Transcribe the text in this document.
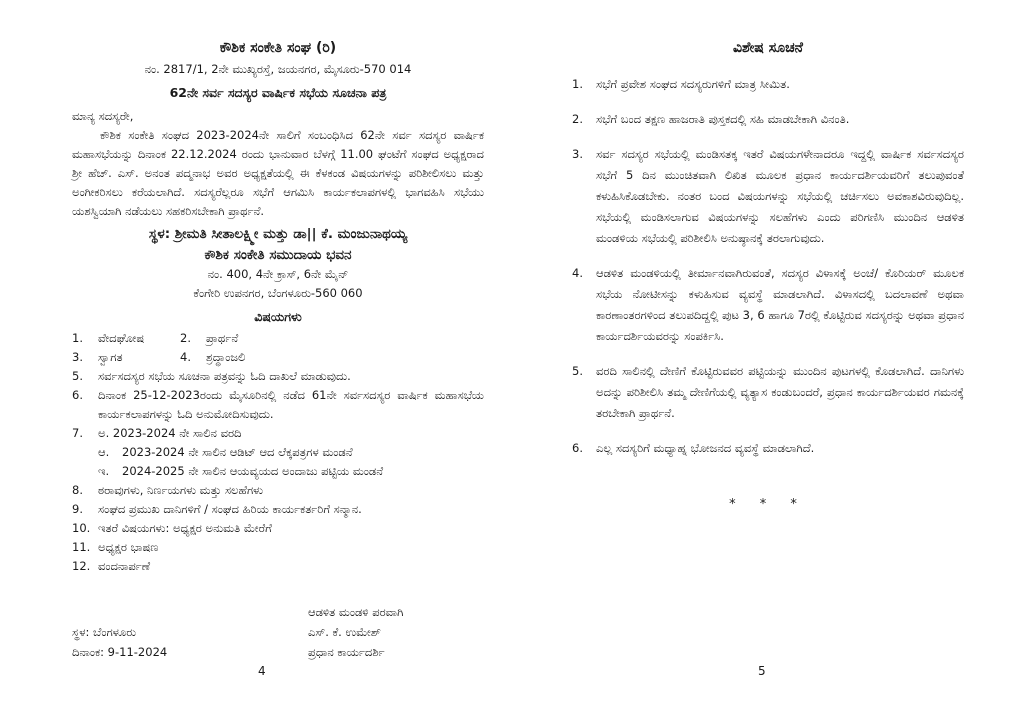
ಕೌಶಿಕ ಸಂಕೇತಿ ಸಂಘ (ರಿ)
ನಂ. 2817/1, 2ನೇ ಮುಖ್ಯರಸ್ತೆ, ಜಯನಗರ, ಮೈಸೂರು-570 014
62ನೇ ಸರ್ವ ಸದಸ್ಯರ ವಾರ್ಷಿಕ ಸಭೆಯ ಸೂಚನಾ ಪತ್ರ
ಮಾನ್ಯ ಸದಸ್ಯರೇ,
ಕೌಶಿಕ ಸಂಕೇತಿ ಸಂಘದ 2023-2024ನೇ ಸಾಲಿಗೆ ಸಂಬಂಧಿಸಿದ 62ನೇ ಸರ್ವ ಸದಸ್ಯರ ವಾರ್ಷಿಕ ಮಹಾಸಭೆಯನ್ನು ದಿನಾಂಕ 22.12.2024 ರಂದು ಭಾನುವಾರ ಬೆಳಗ್ಗೆ 11.00 ಘಂಟೆಗೆ ಸಂಘದ ಅಧ್ಯಕ್ಷರಾದ ಶ್ರೀ ಹೆಚ್. ಎಸ್. ಅನಂತ ಪದ್ಮನಾಭ ಅವರ ಅಧ್ಯಕ್ಷತೆಯಲ್ಲಿ ಈ ಕೆಳಕಂಡ ವಿಷಯಗಳನ್ನು ಪರಿಶೀಲಿಸಲು ಮತ್ತು ಅಂಗೀಕರಿಸಲು ಕರೆಯಲಾಗಿದೆ. ಸದಸ್ಯರೆಲ್ಲರೂ ಸಭೆಗೆ ಆಗಮಿಸಿ ಕಾರ್ಯಕಲಾಪಗಳಲ್ಲಿ ಭಾಗವಹಿಸಿ ಸಭೆಯು ಯಶಸ್ವಿಯಾಗಿ ನಡೆಯಲು ಸಹಕರಿಸಬೇಕಾಗಿ ಪ್ರಾರ್ಥನೆ.
ಸ್ಥಳ: ಶ್ರೀಮತಿ ಸೀತಾಲಕ್ಷ್ಮೀ ಮತ್ತು ಡಾ|| ಕೆ. ಮಂಜುನಾಥಯ್ಯ
ಕೌಶಿಕ ಸಂಕೇತಿ ಸಮುದಾಯ ಭವನ
ನಂ. 400, 4ನೇ ಕ್ರಾಸ್, 6ನೇ ಮೈನ್
ಕೆಂಗೇರಿ ಉಪನಗರ, ಬೆಂಗಳೂರು-560 060
ವಿಷಯಗಳು
1.	ವೇದಘೋಷ	2.	ಪ್ರಾರ್ಥನೆ
3.	ಸ್ವಾಗತ	4.	ಶ್ರದ್ಧಾಂಜಲಿ
5.	ಸರ್ವಸದಸ್ಯರ ಸಭೆಯ ಸೂಚನಾ ಪತ್ರವನ್ನು ಓದಿ ದಾಖಲೆ ಮಾಡುವುದು.
6.	ದಿನಾಂಕ 25-12-2023ರಂದು ಮೈಸೂರಿನಲ್ಲಿ ನಡೆದ 61ನೇ ಸರ್ವಸದಸ್ಯರ ವಾರ್ಷಿಕ ಮಹಾಸಭೆಯ ಕಾರ್ಯಕಲಾಪಗಳನ್ನು ಓದಿ ಅನುಮೋದಿಸುವುದು.
7.	ಅ. 2023-2024 ನೇ ಸಾಲಿನ ವರದಿ
ಆ.	2023-2024 ನೇ ಸಾಲಿನ ಆಡಿಟ್ ಆದ ಲೆಕ್ಕಪತ್ರಗಳ ಮಂಡನೆ
ಇ.	2024-2025 ನೇ ಸಾಲಿನ ಆಯವ್ಯಯದ ಅಂದಾಜು ಪಟ್ಟಿಯ ಮಂಡನೆ
8.	ಠರಾವುಗಳು, ನಿರ್ಣಯಗಳು ಮತ್ತು ಸಲಹೆಗಳು
9.	ಸಂಘದ ಪ್ರಮುಖ ದಾನಿಗಳಿಗೆ / ಸಂಘದ ಹಿರಿಯ ಕಾರ್ಯಕರ್ತರಿಗೆ ಸನ್ಮಾನ.
10. ಇತರೆ ವಿಷಯಗಳು: ಅಧ್ಯಕ್ಷರ ಅನುಮತಿ ಮೇರೆಗೆ
11. ಅಧ್ಯಕ್ಷರ ಭಾಷಣ
12. ವಂದನಾರ್ಪಣೆ
ಆಡಳಿತ ಮಂಡಳಿ ಪರವಾಗಿ
ಸ್ಥಳ: ಬೆಂಗಳೂರು	ಎಸ್. ಕೆ. ಉಮೇಶ್
ದಿನಾಂಕ: 9-11-2024	ಪ್ರಧಾನ ಕಾರ್ಯದರ್ಶಿ
4
ವಿಶೇಷ ಸೂಚನೆ
1.	ಸಭೆಗೆ ಪ್ರವೇಶ ಸಂಘದ ಸದಸ್ಯರುಗಳಿಗೆ ಮಾತ್ರ ಸೀಮಿತ.
2.	ಸಭೆಗೆ ಬಂದ ತಕ್ಷಣ ಹಾಜರಾತಿ ಪುಸ್ತಕದಲ್ಲಿ ಸಹಿ ಮಾಡಬೇಕಾಗಿ ವಿನಂತಿ.
3.	ಸರ್ವ ಸದಸ್ಯರ ಸಭೆಯಲ್ಲಿ ಮಂಡಿಸತಕ್ಕ ಇತರೆ ವಿಷಯಗಳೇನಾದರೂ ಇದ್ದಲ್ಲಿ ವಾರ್ಷಿಕ ಸರ್ವಸದಸ್ಯರ ಸಭೆಗೆ 5 ದಿನ ಮುಂಚಿತವಾಗಿ ಲಿಖಿತ ಮೂಲಕ ಪ್ರಧಾನ ಕಾರ್ಯದರ್ಶಿಯವರಿಗೆ ತಲುಪುವಂತೆ ಕಳುಹಿಸಿಕೊಡಬೇಕು. ನಂತರ ಬಂದ ವಿಷಯಗಳನ್ನು ಸಭೆಯಲ್ಲಿ ಚರ್ಚಿಸಲು ಅವಕಾಶವಿರುವುದಿಲ್ಲ. ಸಭೆಯಲ್ಲಿ ಮಂಡಿಸಲಾಗುವ ವಿಷಯಗಳನ್ನು ಸಲಹೆಗಳು ಎಂದು ಪರಿಗಣಿಸಿ ಮುಂದಿನ ಆಡಳಿತ ಮಂಡಳಿಯ ಸಭೆಯಲ್ಲಿ ಪರಿಶೀಲಿಸಿ ಅನುಷ್ಠಾನಕ್ಕೆ ತರಲಾಗುವುದು.
4.	ಆಡಳಿತ ಮಂಡಳಿಯಲ್ಲಿ ತೀರ್ಮಾನವಾಗಿರುವಂತೆ, ಸದಸ್ಯರ ವಿಳಾಸಕ್ಕೆ ಅಂಚೆ/ ಕೊರಿಯರ್ ಮೂಲಕ ಸಭೆಯ ನೋಟೀಸನ್ನು ಕಳುಹಿಸುವ ವ್ಯವಸ್ಥೆ ಮಾಡಲಾಗಿದೆ. ವಿಳಾಸದಲ್ಲಿ ಬದಲಾವಣೆ ಅಥವಾ ಕಾರಣಾಂತರಗಳಿಂದ ತಲುಪದಿದ್ದಲ್ಲಿ ಪುಟ 3, 6 ಹಾಗೂ 7ರಲ್ಲಿ ಕೊಟ್ಟಿರುವ ಸದಸ್ಯರನ್ನು ಅಥವಾ ಪ್ರಧಾನ ಕಾರ್ಯದರ್ಶಿಯವರನ್ನು ಸಂಪರ್ಕಿಸಿ.
5.	ವರದಿ ಸಾಲಿನಲ್ಲಿ ದೇಣಿಗೆ ಕೊಟ್ಟಿರುವವರ ಪಟ್ಟಿಯನ್ನು ಮುಂದಿನ ಪುಟಗಳಲ್ಲಿ ಕೊಡಲಾಗಿದೆ. ದಾನಿಗಳು ಅದನ್ನು ಪರಿಶೀಲಿಸಿ ತಮ್ಮ ದೇಣಿಗೆಯಲ್ಲಿ ವ್ಯತ್ಯಾಸ ಕಂಡುಬಂದರೆ, ಪ್ರಧಾನ ಕಾರ್ಯದರ್ಶಿಯವರ ಗಮನಕ್ಕೆ ತರಬೇಕಾಗಿ ಪ್ರಾರ್ಥನೆ.
6.	ಎಲ್ಲ ಸದಸ್ಯರಿಗೆ ಮಧ್ಯಾಹ್ನ ಭೋಜನದ ವ್ಯವಸ್ಥೆ ಮಾಡಲಾಗಿದೆ.
* * *
5
